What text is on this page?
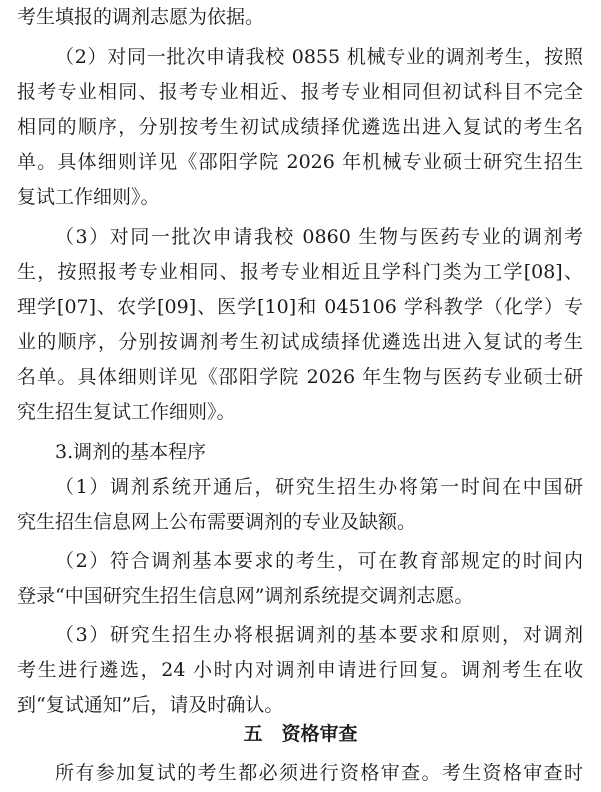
考生填报的调剂志愿为依据。
（2）对同一批次申请我校 0855 机械专业的调剂考生，按照
报考专业相同、报考专业相近、报考专业相同但初试科目不完全
相同的顺序，分别按考生初试成绩择优遴选出进入复试的考生名
单。具体细则详见《邵阳学院 2026 年机械专业硕士研究生招生
复试工作细则》。
（3）对同一批次申请我校 0860 生物与医药专业的调剂考
生，按照报考专业相同、报考专业相近且学科门类为工学[08]、
理学[07]、农学[09]、医学[10]和 045106 学科教学（化学）专
业的顺序，分别按调剂考生初试成绩择优遴选出进入复试的考生
名单。具体细则详见《邵阳学院 2026 年生物与医药专业硕士研
究生招生复试工作细则》。
3.调剂的基本程序
（1）调剂系统开通后，研究生招生办将第一时间在中国研
究生招生信息网上公布需要调剂的专业及缺额。
（2）符合调剂基本要求的考生，可在教育部规定的时间内
登录“中国研究生招生信息网”调剂系统提交调剂志愿。
（3）研究生招生办将根据调剂的基本要求和原则，对调剂
考生进行遴选，24 小时内对调剂申请进行回复。调剂考生在收
到“复试通知”后，请及时确认。
五　资格审查
所有参加复试的考生都必须进行资格审查。考生资格审查时
